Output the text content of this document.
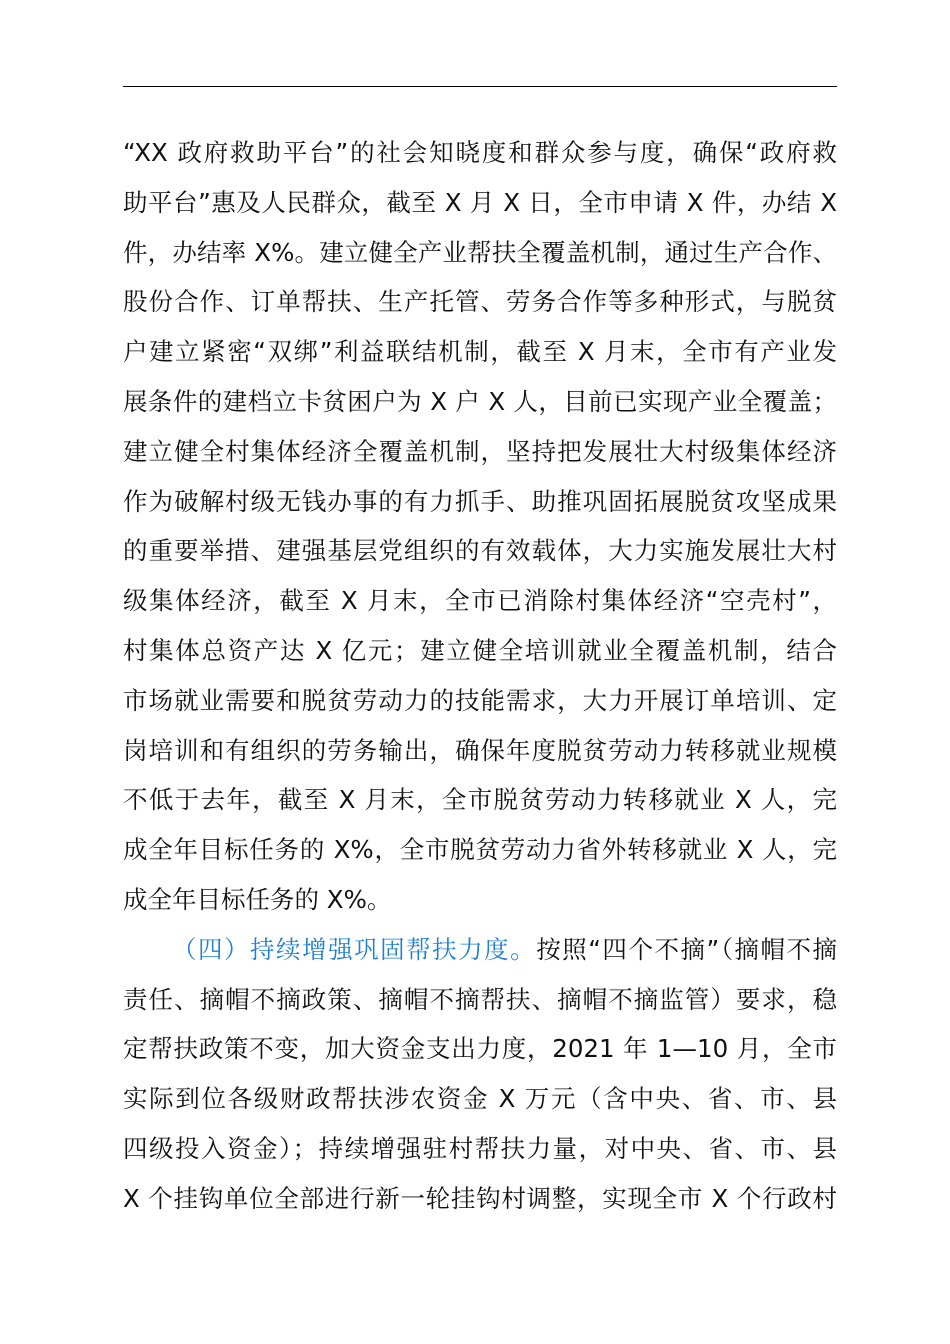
“XX 政府救助平台”的社会知晓度和群众参与度，确保“政府救
助平台”惠及人民群众，截至 X 月 X 日，全市申请 X 件，办结 X
件，办结率 X%。建立健全产业帮扶全覆盖机制，通过生产合作、
股份合作、订单帮扶、生产托管、劳务合作等多种形式，与脱贫
户建立紧密“双绑”利益联结机制，截至 X 月末，全市有产业发
展条件的建档立卡贫困户为 X 户 X 人，目前已实现产业全覆盖；
建立健全村集体经济全覆盖机制，坚持把发展壮大村级集体经济
作为破解村级无钱办事的有力抓手、助推巩固拓展脱贫攻坚成果
的重要举措、建强基层党组织的有效载体，大力实施发展壮大村
级集体经济，截至 X 月末，全市已消除村集体经济“空壳村”，
村集体总资产达 X 亿元；建立健全培训就业全覆盖机制，结合
市场就业需要和脱贫劳动力的技能需求，大力开展订单培训、定
岗培训和有组织的劳务输出，确保年度脱贫劳动力转移就业规模
不低于去年，截至 X 月末，全市脱贫劳动力转移就业 X 人，完
成全年目标任务的 X%，全市脱贫劳动力省外转移就业 X 人，完
成全年目标任务的 X%。
（四）持续增强巩固帮扶力度。按照“四个不摘”（摘帽不摘
责任、摘帽不摘政策、摘帽不摘帮扶、摘帽不摘监管）要求，稳
定帮扶政策不变，加大资金支出力度，2021 年 1—10 月，全市
实际到位各级财政帮扶涉农资金 X 万元（含中央、省、市、县
四级投入资金）；持续增强驻村帮扶力量，对中央、省、市、县
X 个挂钩单位全部进行新一轮挂钩村调整，实现全市 X 个行政村
